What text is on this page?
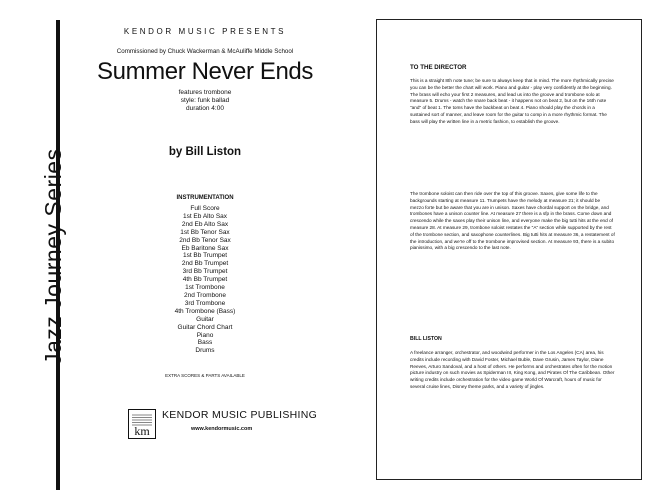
Jazz Journey Series
KENDOR MUSIC PRESENTS
Commissioned by Chuck Wackerman & McAuliffe Middle School
Summer Never Ends
features trombone
style: funk ballad
duration 4:00
by Bill Liston
INSTRUMENTATION
Full Score
1st Eb Alto Sax
2nd Eb Alto Sax
1st Bb Tenor Sax
2nd Bb Tenor Sax
Eb Baritone Sax
1st Bb Trumpet
2nd Bb Trumpet
3rd Bb Trumpet
4th Bb Trumpet
1st Trombone
2nd Trombone
3rd Trombone
4th Trombone (Bass)
Guitar
Guitar Chord Chart
Piano
Bass
Drums
EXTRA SCORES & PARTS AVAILABLE
km
KENDOR MUSIC PUBLISHING
www.kendormusic.com
TO THE DIRECTOR
This is a straight 8th note tune; be sure to always keep that in mind. The more rhythmically precise you can be the better the chart will work. Piano and guitar - play very confidently at the beginning. The brass will echo your first 2 measures, and lead us into the groove and trombone solo at measure 5. Drums - watch the snare back beat - it happens not on beat 2, but on the 16th note "and" of beat 1. The toms have the backbeat on beat 4. Piano should play the chords in a sustained sort of manner, and leave room for the guitar to comp in a more rhythmic format. The bass will play the written line in a metric fashion, to establish the groove.
The trombone soloist can then ride over the top of this groove. Saxes, give some life to the backgrounds starting at measure 11. Trumpets have the melody at measure 21; it should be mezzo forte but be aware that you are in unison. Saxes have chordal support on the bridge, and trombones have a unison counter line. At measure 27 there is a sfp in the brass. Come down and crescendo while the saxes play their unison line, and everyone make the big tutti hits at the end of measure 28. At measure 29, trombone soloist restates the "A" section while supported by the rest of the trombone section, and saxophone counterlines. Big tutti hits at measure 36, a restatement of the introduction, and we're off to the trombone improvised section. At measure 93, there is a subito pianissimo, with a big crescendo to the last note.
BILL LISTON
A freelance arranger, orchestrator, and woodwind performer in the Los Angeles (CA) area, his credits include recording with David Foster, Michael Buble, Dave Grusin, James Taylor, Diane Reeves, Arturo Sandoval, and a host of others. He performs and orchestrates often for the motion picture industry on such movies as Spiderman III, King Kong, and Pirates Of The Caribbean. Other writing credits include orchestration for the video game World Of Warcraft, hours of music for several cruise lines, Disney theme parks, and a variety of jingles.
